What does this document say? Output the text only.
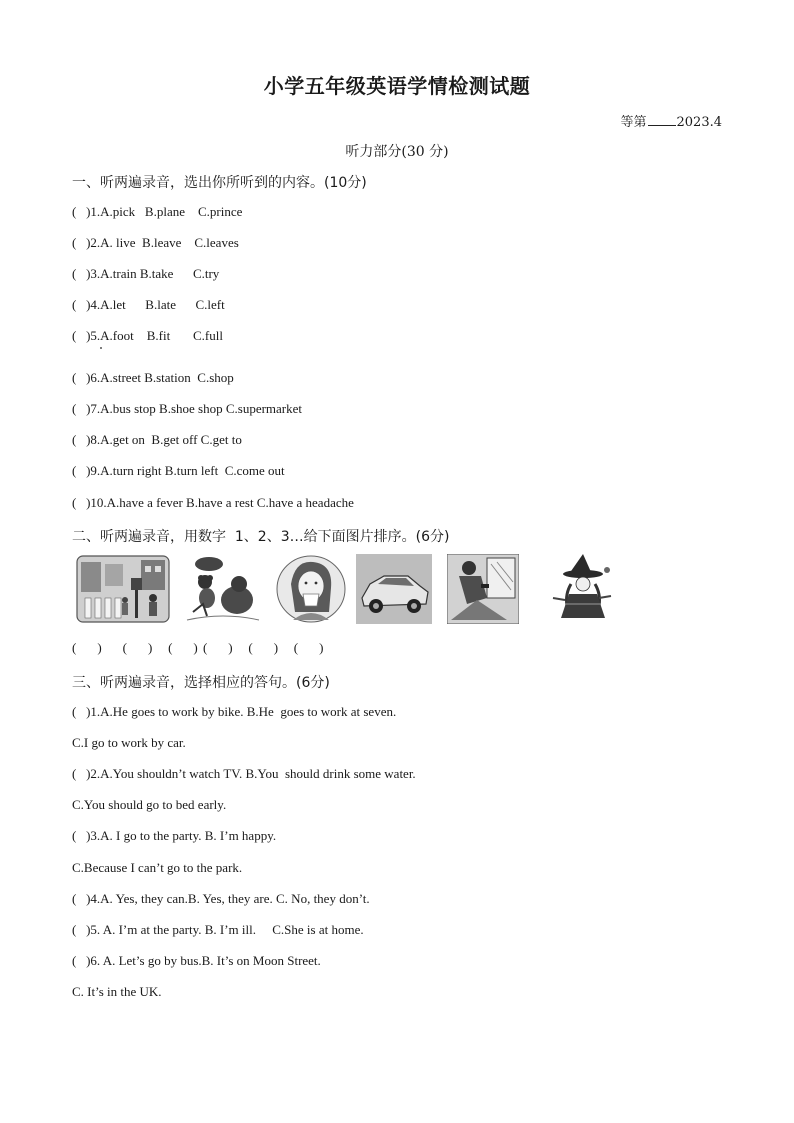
小学五年级英语学情检测试题
等第 2023.4
听力部分(30 分)
一、听两遍录音，选出你所听到的内容。(10分)
(   )1.A.pick   B.plane    C.prince
(   )2.A. live  B.leave    C.leaves
(   )3.A.train B.take      C.try
(   )4.A.let      B.late      C.left
(   )5.A.foot    B.fit       C.full
(   )6.A.street B.station  C.shop
(   )7.A.bus stop B.shoe shop C.supermarket
(   )8.A.get on  B.get off C.get to
(   )9.A.turn right B.turn left  C.come out
(   )10.A.have a fever B.have a rest C.have a headache
二、听两遍录音，用数字  1、2、3…给下面图片排序。(6分)
(    )    (    )   (    ) (    )   (    )   (    )
三、听两遍录音，选择相应的答句。(6分)
(   )1.A.He goes to work by bike. B.He  goes to work at seven.
C.I go to work by car.
(   )2.A.You shouldn’t watch TV. B.You  should drink some water.
C.You should go to bed early.
(   )3.A. I go to the party. B. I’m happy.
C.Because I can’t go to the park.
(   )4.A. Yes, they can.B. Yes, they are. C. No, they don’t.
(   )5. A. I’m at the party. B. I’m ill.     C.She is at home.
(   )6. A. Let’s go by bus.B. It’s on Moon Street.
C. It’s in the UK.
